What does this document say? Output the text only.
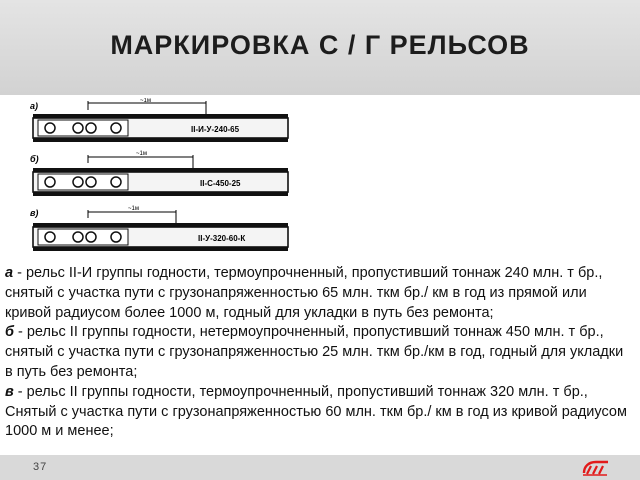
МАРКИРОВКА С / Г РЕЛЬСОВ
а)	~1м
II-И-У-240-65
б)	~1м
II-С-450-25
в)	~1м
II-У-320-60-К

а - рельс II-И группы годности, термоупрочненный, пропустивший тоннаж 240 млн. т бр., снятый с участка пути с грузонапряженностью 65 млн. ткм бр./ км в год из прямой или кривой радиусом более 1000 м, годный для укладки в путь без ремонта;

б - рельс II группы годности, нетермоупрочненный, пропустивший тоннаж 450 млн. т бр., снятый с участка пути с грузонапряженностью 25 млн. ткм бр./км в год, годный для укладки в путь без ремонта;

в - рельс II группы годности, термоупрочненный, пропустивший тоннаж 320 млн. т бр., Снятый с участка пути с грузонапряженностью 60 млн. ткм бр./ км в год из кривой радиусом 1000 м и менее;

37
